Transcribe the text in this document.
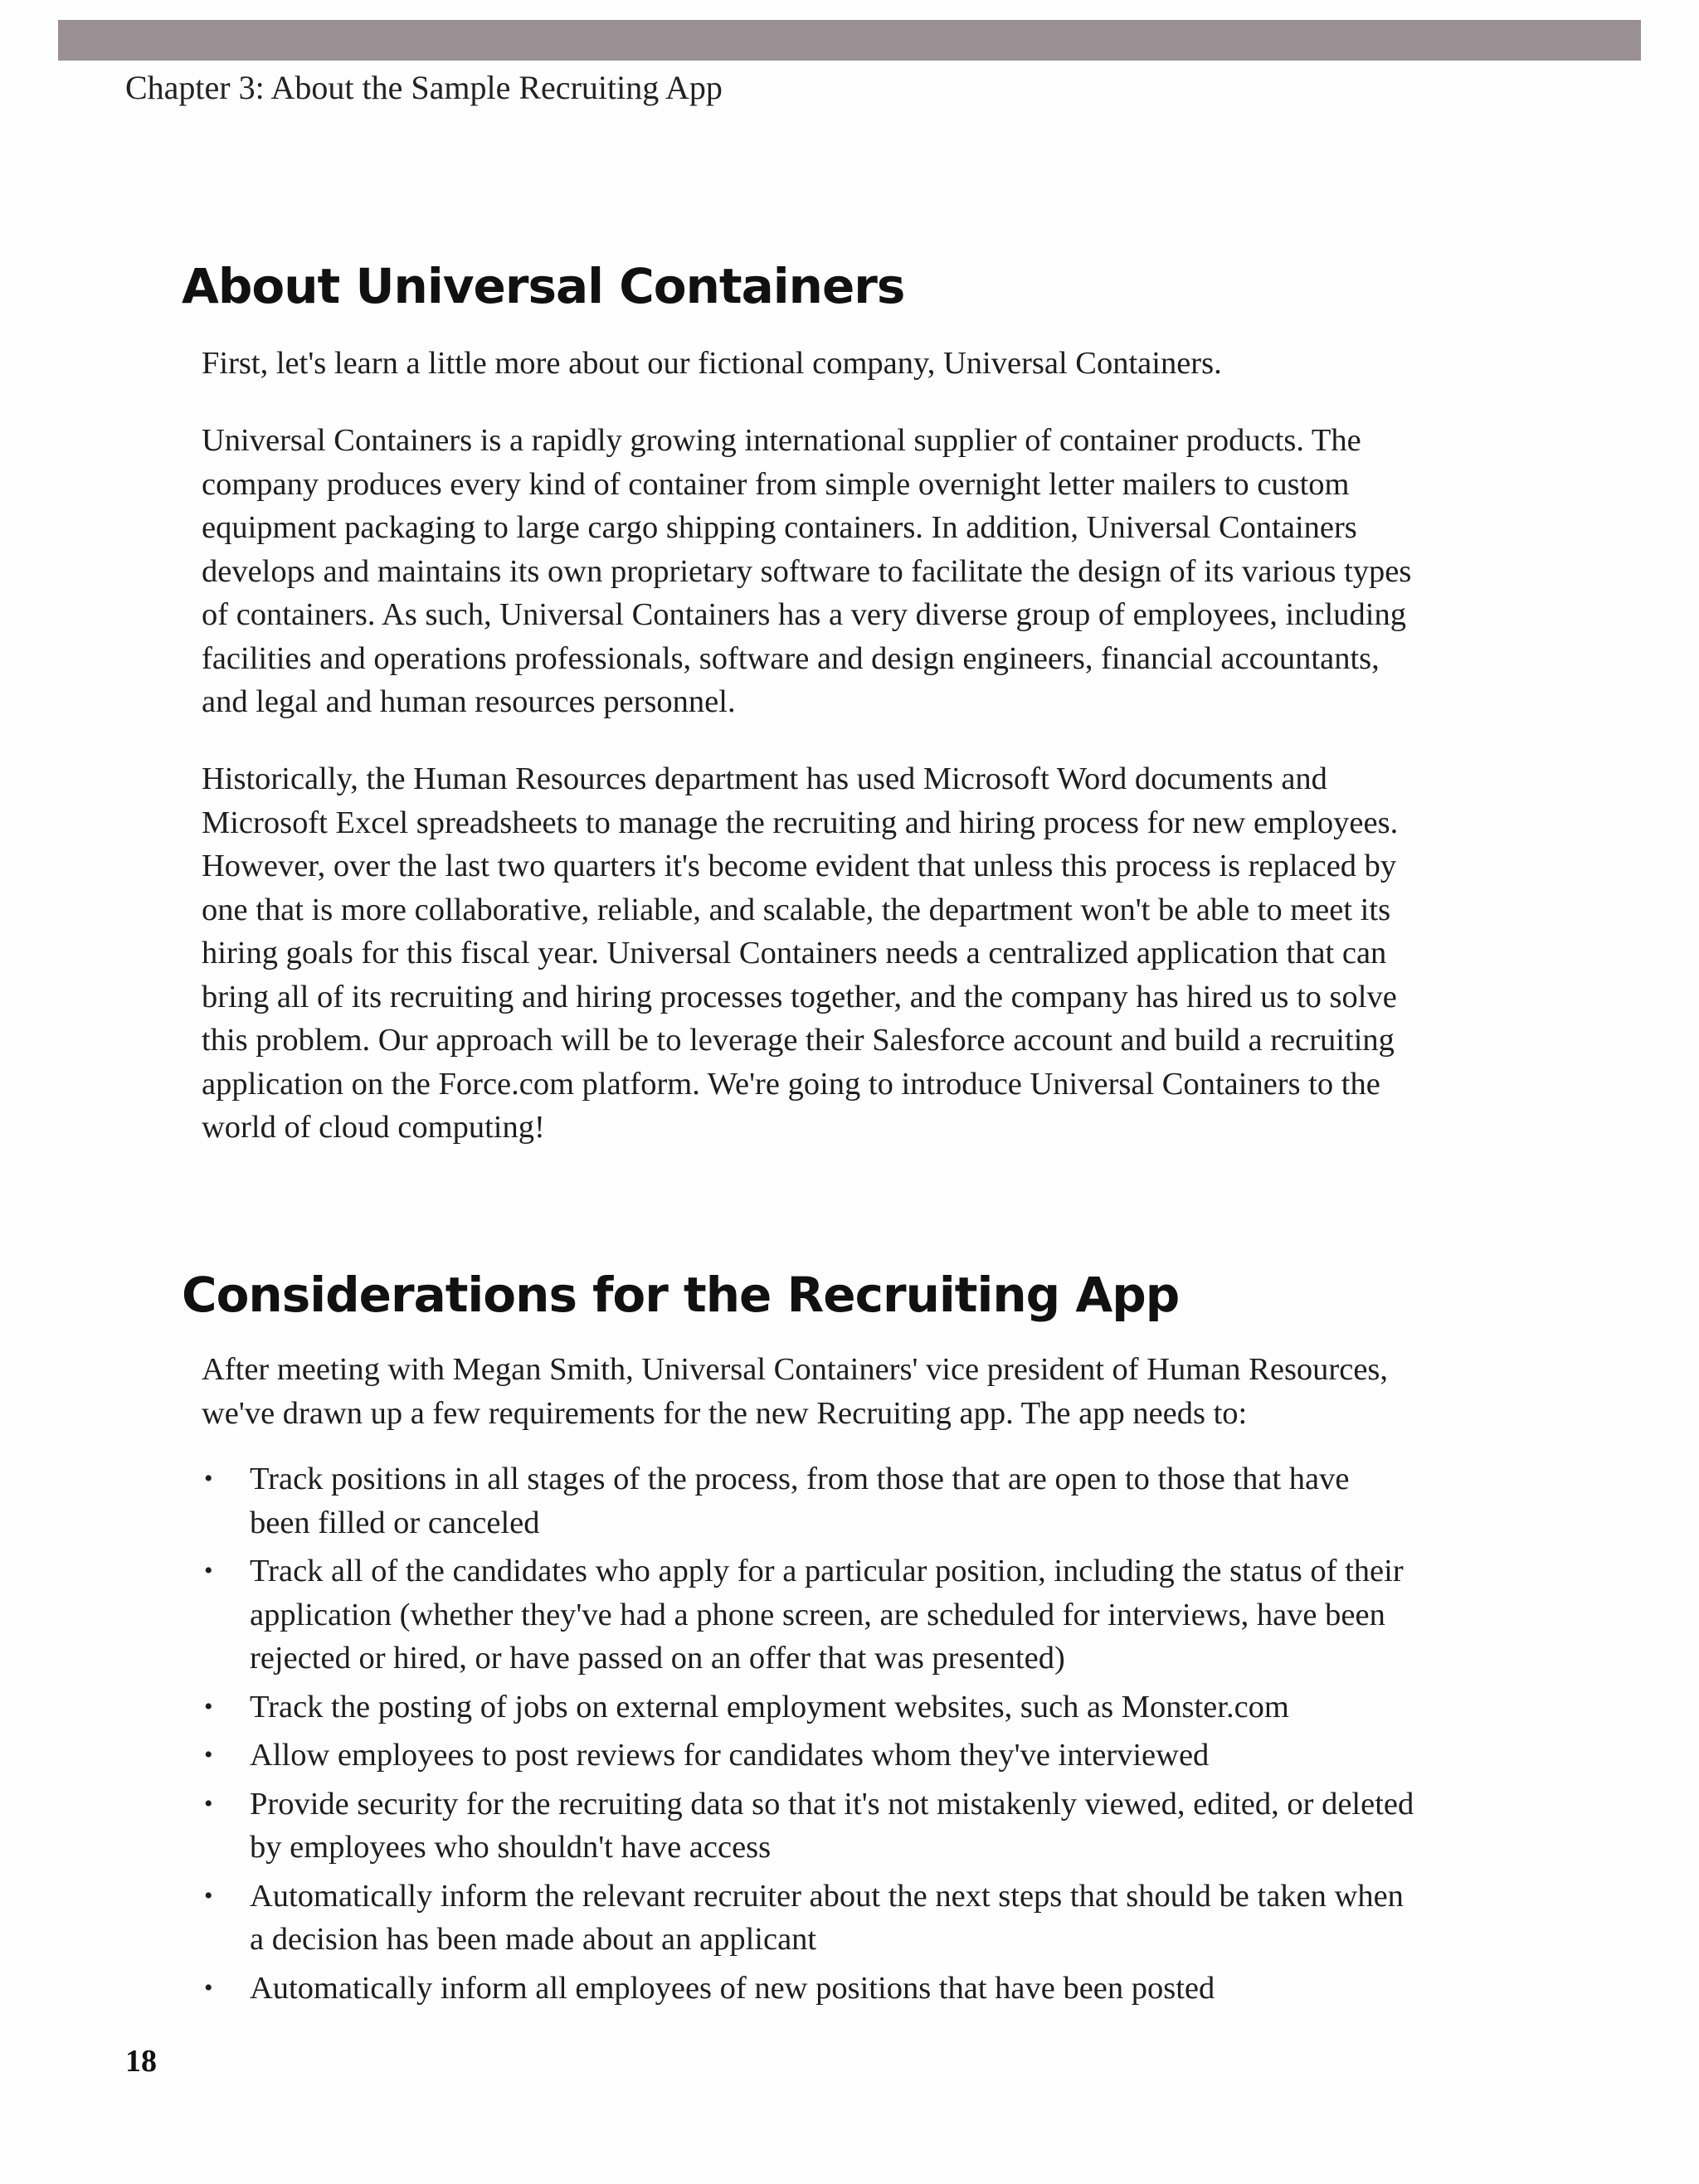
Chapter 3: About the Sample Recruiting App
About Universal Containers

First, let's learn a little more about our fictional company, Universal Containers.

Universal Containers is a rapidly growing international supplier of container products. The
company produces every kind of container from simple overnight letter mailers to custom
equipment packaging to large cargo shipping containers. In addition, Universal Containers
develops and maintains its own proprietary software to facilitate the design of its various types
of containers. As such, Universal Containers has a very diverse group of employees, including
facilities and operations professionals, software and design engineers, financial accountants,
and legal and human resources personnel.

Historically, the Human Resources department has used Microsoft Word documents and
Microsoft Excel spreadsheets to manage the recruiting and hiring process for new employees.
However, over the last two quarters it's become evident that unless this process is replaced by
one that is more collaborative, reliable, and scalable, the department won't be able to meet its
hiring goals for this fiscal year. Universal Containers needs a centralized application that can
bring all of its recruiting and hiring processes together, and the company has hired us to solve
this problem. Our approach will be to leverage their Salesforce account and build a recruiting
application on the Force.com platform. We're going to introduce Universal Containers to the
world of cloud computing!

Considerations for the Recruiting App

After meeting with Megan Smith, Universal Containers' vice president of Human Resources,
we've drawn up a few requirements for the new Recruiting app. The app needs to:

• Track positions in all stages of the process, from those that are open to those that have
been filled or canceled
• Track all of the candidates who apply for a particular position, including the status of their
application (whether they've had a phone screen, are scheduled for interviews, have been
rejected or hired, or have passed on an offer that was presented)
• Track the posting of jobs on external employment websites, such as Monster.com
• Allow employees to post reviews for candidates whom they've interviewed
• Provide security for the recruiting data so that it's not mistakenly viewed, edited, or deleted
by employees who shouldn't have access
• Automatically inform the relevant recruiter about the next steps that should be taken when
a decision has been made about an applicant
• Automatically inform all employees of new positions that have been posted
18
